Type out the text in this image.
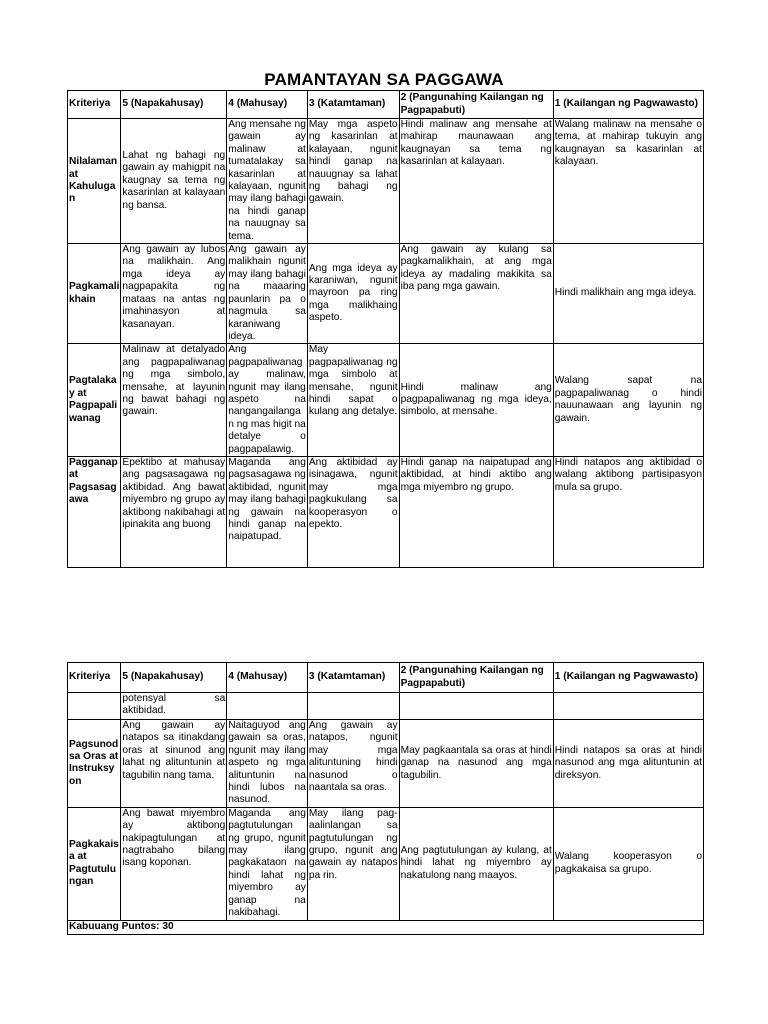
PAMANTAYAN SA PAGGAWA
Kriteriya	5 (Napakahusay)	4 (Mahusay)	3 (Katamtaman)	2 (Pangunahing Kailangan ng Pagpapabuti)	1 (Kailangan ng Pagwawasto)
Nilalaman at Kahulugan	Lahat ng bahagi ng gawain ay mahigpit na kaugnay sa tema ng kasarinlan at kalayaan ng bansa.	Ang mensahe ng gawain ay malinaw at tumatalakay sa kasarinlan at kalayaan, ngunit may ilang bahagi na hindi ganap na nauugnay sa tema.	May mga aspeto ng kasarinlan at kalayaan, ngunit hindi ganap na nauugnay sa lahat ng bahagi ng gawain.	Hindi malinaw ang mensahe at mahirap maunawaan ang kaugnayan sa tema ng kasarinlan at kalayaan.	Walang malinaw na mensahe o tema, at mahirap tukuyin ang kaugnayan sa kasarinlan at kalayaan.
Pagkamalikhain	Ang gawain ay lubos na malikhain. Ang mga ideya ay nagpapakita ng mataas na antas ng imahinasyon at kasanayan.	Ang gawain ay malikhain ngunit may ilang bahagi na maaaring paunlarin pa o nagmula sa karaniwang ideya.	Ang mga ideya ay karaniwan, ngunit mayroon pa ring mga malikhaing aspeto.	Ang gawain ay kulang sa pagkamalikhain, at ang mga ideya ay madaling makikita sa iba pang mga gawain.	Hindi malikhain ang mga ideya.
Pagtalakay at Pagpapaliwanag	Malinaw at detalyado ang pagpapaliwanag ng mga simbolo, mensahe, at layunin ng bawat bahagi ng gawain.	Ang pagpapaliwanag ay malinaw, ngunit may ilang aspeto na nangangailangan ng mas higit na detalye o pagpapalawig.	May pagpapaliwanag ng mga simbolo at mensahe, ngunit hindi sapat o kulang ang detalye.	Hindi malinaw ang pagpapaliwanag ng mga ideya, simbolo, at mensahe.	Walang sapat na pagpapaliwanag o hindi nauunawaan ang layunin ng gawain.
Pagganap at Pagsasagawa	Epektibo at mahusay ang pagsasagawa ng aktibidad. Ang bawat miyembro ng grupo ay aktibong nakibahagi at ipinakita ang buong	Maganda ang pagsasagawa ng aktibidad, ngunit may ilang bahagi ng gawain na hindi ganap na naipatupad.	Ang aktibidad ay isinagawa, ngunit may mga pagkukulang sa kooperasyon o epekto.	Hindi ganap na naipatupad ang aktibidad, at hindi aktibo ang mga miyembro ng grupo.	Hindi natapos ang aktibidad o walang aktibong partisipasyon mula sa grupo.
Kriteriya	5 (Napakahusay)	4 (Mahusay)	3 (Katamtaman)	2 (Pangunahing Kailangan ng Pagpapabuti)	1 (Kailangan ng Pagwawasto)
	potensyal sa aktibidad.				
Pagsunod sa Oras at Instruksyon	Ang gawain ay natapos sa itinakdang oras at sinunod ang lahat ng alituntunin at tagubilin nang tama.	Naitaguyod ang gawain sa oras, ngunit may ilang aspeto ng mga alituntunin na hindi lubos na nasunod.	Ang gawain ay natapos, ngunit may mga alituntuning hindi nasunod o naantala sa oras.	May pagkaantala sa oras at hindi ganap na nasunod ang mga tagubilin.	Hindi natapos sa oras at hindi nasunod ang mga alituntunin at direksyon.
Pagkakaisa at Pagtutulungan	Ang bawat miyembro ay aktibong nakipagtulungan at nagtrabaho bilang isang koponan.	Maganda ang pagtutulungan ng grupo, ngunit may ilang pagkakataon na hindi lahat ng miyembro ay ganap na nakibahagi.	May ilang pag-aalinlangan sa pagtutulungan ng grupo, ngunit ang gawain ay natapos pa rin.	Ang pagtutulungan ay kulang, at hindi lahat ng miyembro ay nakatulong nang maayos.	Walang kooperasyon o pagkakaisa sa grupo.
Kabuuang Puntos: 30					
